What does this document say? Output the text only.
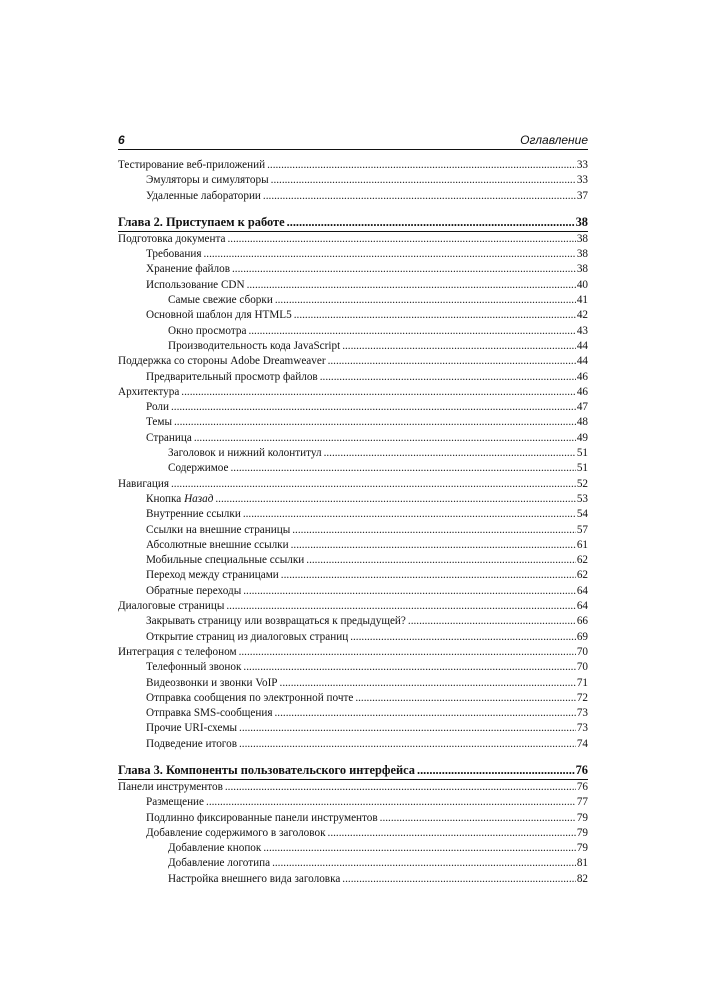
6	Оглавление
Тестирование веб-приложений .....	33
Эмуляторы и симуляторы .....	33
Удаленные лаборатории .....	37
Глава 2. Приступаем к работе .....	38
Подготовка документа .....	38
Требования .....	38
Хранение файлов .....	38
Использование CDN .....	40
Самые свежие сборки .....	41
Основной шаблон для HTML5 .....	42
Окно просмотра .....	43
Производительность кода JavaScript .....	44
Поддержка со стороны Adobe Dreamweaver .....	44
Предварительный просмотр файлов .....	46
Архитектура .....	46
Роли .....	47
Темы .....	48
Страница .....	49
Заголовок и нижний колонтитул .....	51
Содержимое .....	51
Навигация .....	52
Кнопка Назад .....	53
Внутренние ссылки .....	54
Ссылки на внешние страницы .....	57
Абсолютные внешние ссылки .....	61
Мобильные специальные ссылки .....	62
Переход между страницами .....	62
Обратные переходы .....	64
Диалоговые страницы .....	64
Закрывать страницу или возвращаться к предыдущей? .....	66
Открытие страниц из диалоговых страниц .....	69
Интеграция с телефоном .....	70
Телефонный звонок .....	70
Видеозвонки и звонки VoIP .....	71
Отправка сообщения по электронной почте .....	72
Отправка SMS-сообщения .....	73
Прочие URI-схемы .....	73
Подведение итогов .....	74
Глава 3. Компоненты пользовательского интерфейса .....	76
Панели инструментов .....	76
Размещение .....	77
Подлинно фиксированные панели инструментов .....	79
Добавление содержимого в заголовок .....	79
Добавление кнопок .....	79
Добавление логотипа .....	81
Настройка внешнего вида заголовка .....	82
